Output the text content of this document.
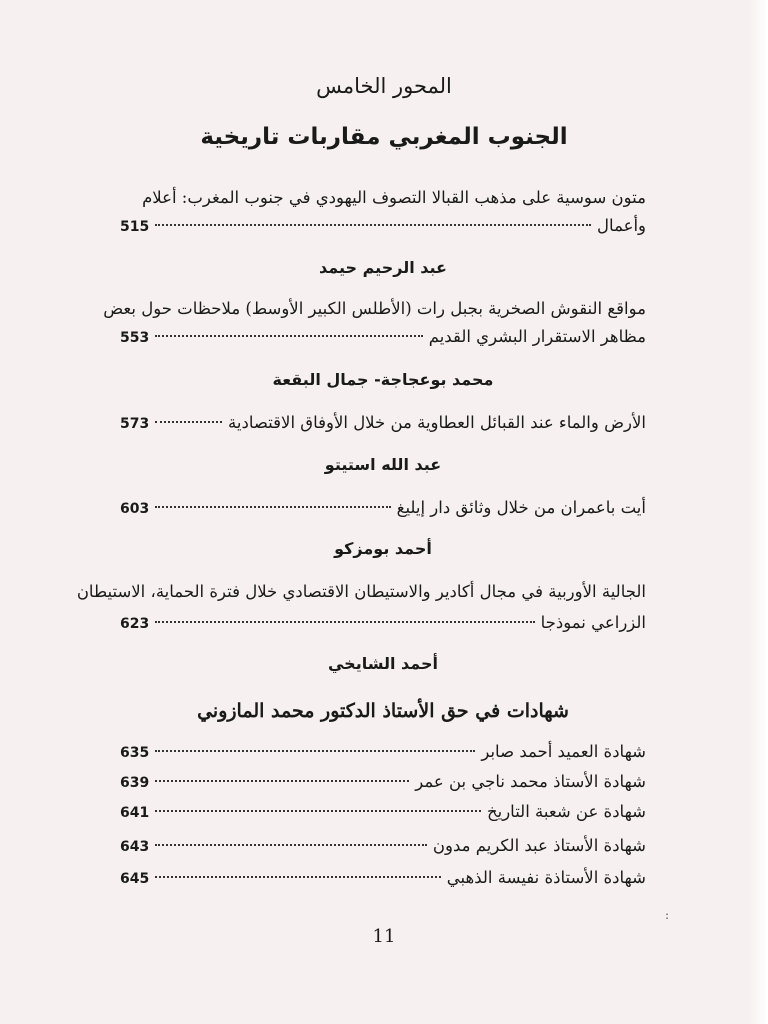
المحور الخامس
الجنوب المغربي مقاربات تاريخية
متون سوسية على مذهب القبالا التصوف اليهودي في جنوب المغرب: أعلام
وأعمال
515
عبد الرحيم حيمد
مواقع النقوش الصخرية بجبل رات (الأطلس الكبير الأوسط) ملاحظات حول بعض
مظاهر الاستقرار البشري القديم
553
محمد بوعجاجة- جمال البقعة
الأرض والماء عند القبائل العطاوية من خلال الأوفاق الاقتصادية
573
عبد الله استيتو
أيت باعمران من خلال وثائق دار إيليغ
603
أحمد بومزكو
الجالية الأوربية في مجال أكادير والاستيطان الاقتصادي خلال فترة الحماية، الاستيطان
الزراعي نموذجا
623
أحمد الشايخي
شهادات في حق الأستاذ الدكتور محمد المازوني
شهادة العميد أحمد صابر
635
شهادة الأستاذ محمد ناجي بن عمر
639
شهادة عن شعبة التاريخ
641
شهادة الأستاذ عبد الكريم مدون
643
شهادة الأستاذة نفيسة الذهبي
645
:
11
